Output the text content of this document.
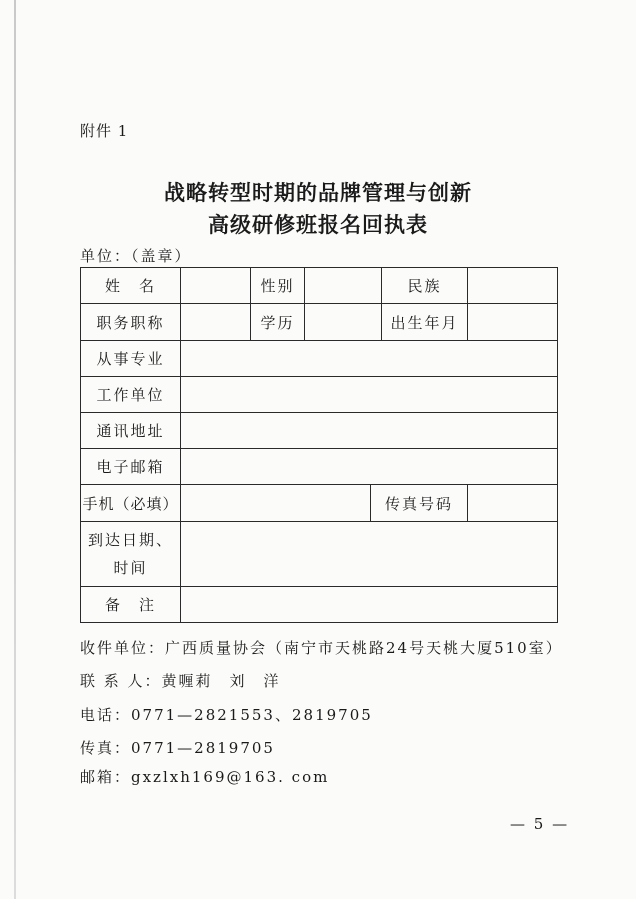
附件 1
战略转型时期的品牌管理与创新
高级研修班报名回执表
单位：（盖章）
姓　名		性别			民族	
职务职称		学历			出生年月	
从事专业						
工作单位						
通讯地址						
电子邮箱						
手机（必填）				传真号码		

到达日期、
时间						

备　注						
收件单位：广西质量协会（南宁市天桃路24号天桃大厦510室）
联 系 人：黄喱莉　刘　洋
电话：0771—2821553、2819705
传真：0771—2819705
邮箱：gxzlxh169@163. com
— 5 —
